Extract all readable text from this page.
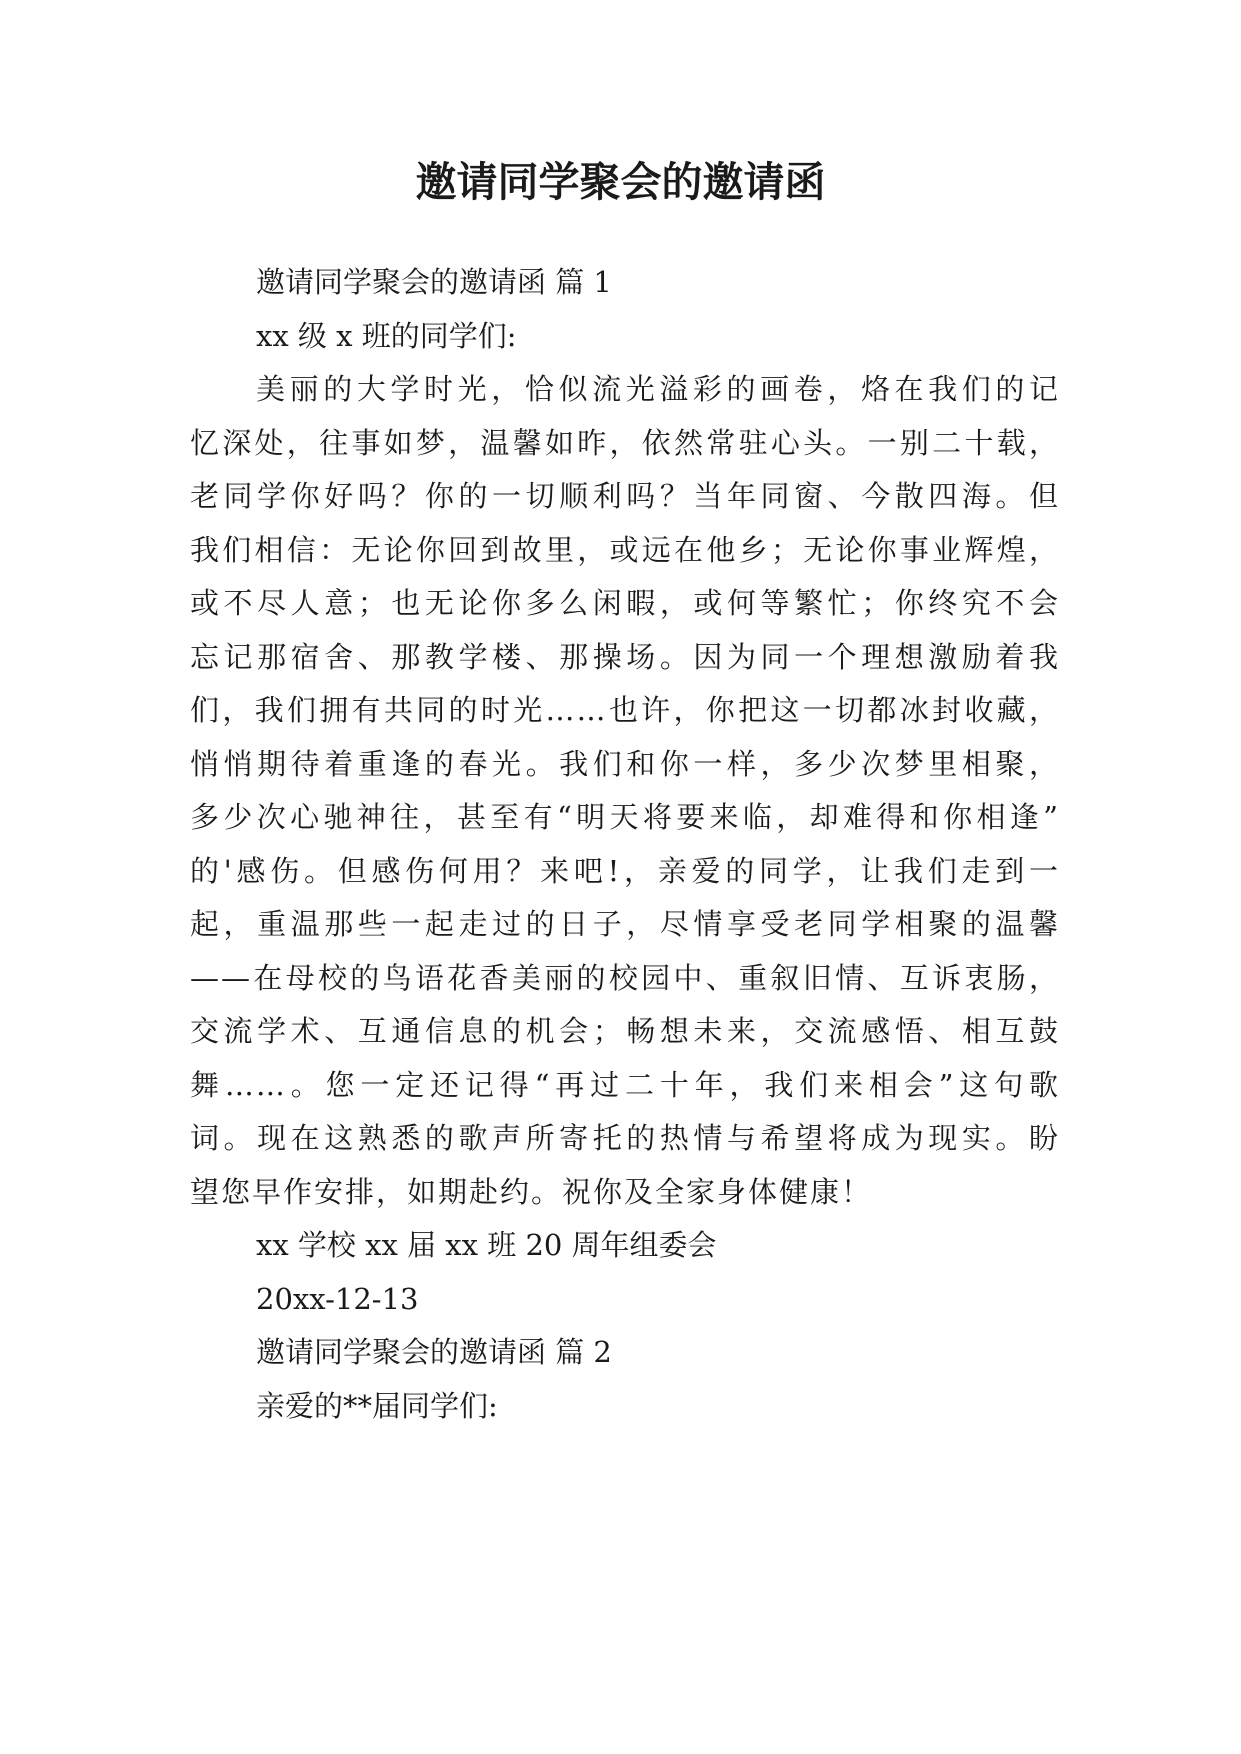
邀请同学聚会的邀请函

邀请同学聚会的邀请函 篇 1

xx 级 x 班的同学们:

美丽的大学时光，恰似流光溢彩的画卷，烙在我们的记

忆深处，往事如梦，温馨如昨，依然常驻心头。一别二十载，

老同学你好吗？你的一切顺利吗？当年同窗、今散四海。但

我们相信：无论你回到故里，或远在他乡；无论你事业辉煌，

或不尽人意；也无论你多么闲暇，或何等繁忙；你终究不会

忘记那宿舍、那教学楼、那操场。因为同一个理想激励着我

们，我们拥有共同的时光……也许，你把这一切都冰封收藏，

悄悄期待着重逢的春光。我们和你一样，多少次梦里相聚，

多少次心驰神往，甚至有“明天将要来临，却难得和你相逢”

的'感伤。但感伤何用？来吧!，亲爱的同学，让我们走到一

起，重温那些一起走过的日子，尽情享受老同学相聚的温馨

——在母校的鸟语花香美丽的校园中、重叙旧情、互诉衷肠，

交流学术、互通信息的机会；畅想未来，交流感悟、相互鼓

舞……。您一定还记得“再过二十年，我们来相会”这句歌

词。现在这熟悉的歌声所寄托的热情与希望将成为现实。盼

望您早作安排，如期赴约。祝你及全家身体健康！

xx 学校 xx 届 xx 班 20 周年组委会

20xx-12-13

邀请同学聚会的邀请函 篇 2

亲爱的**届同学们:
